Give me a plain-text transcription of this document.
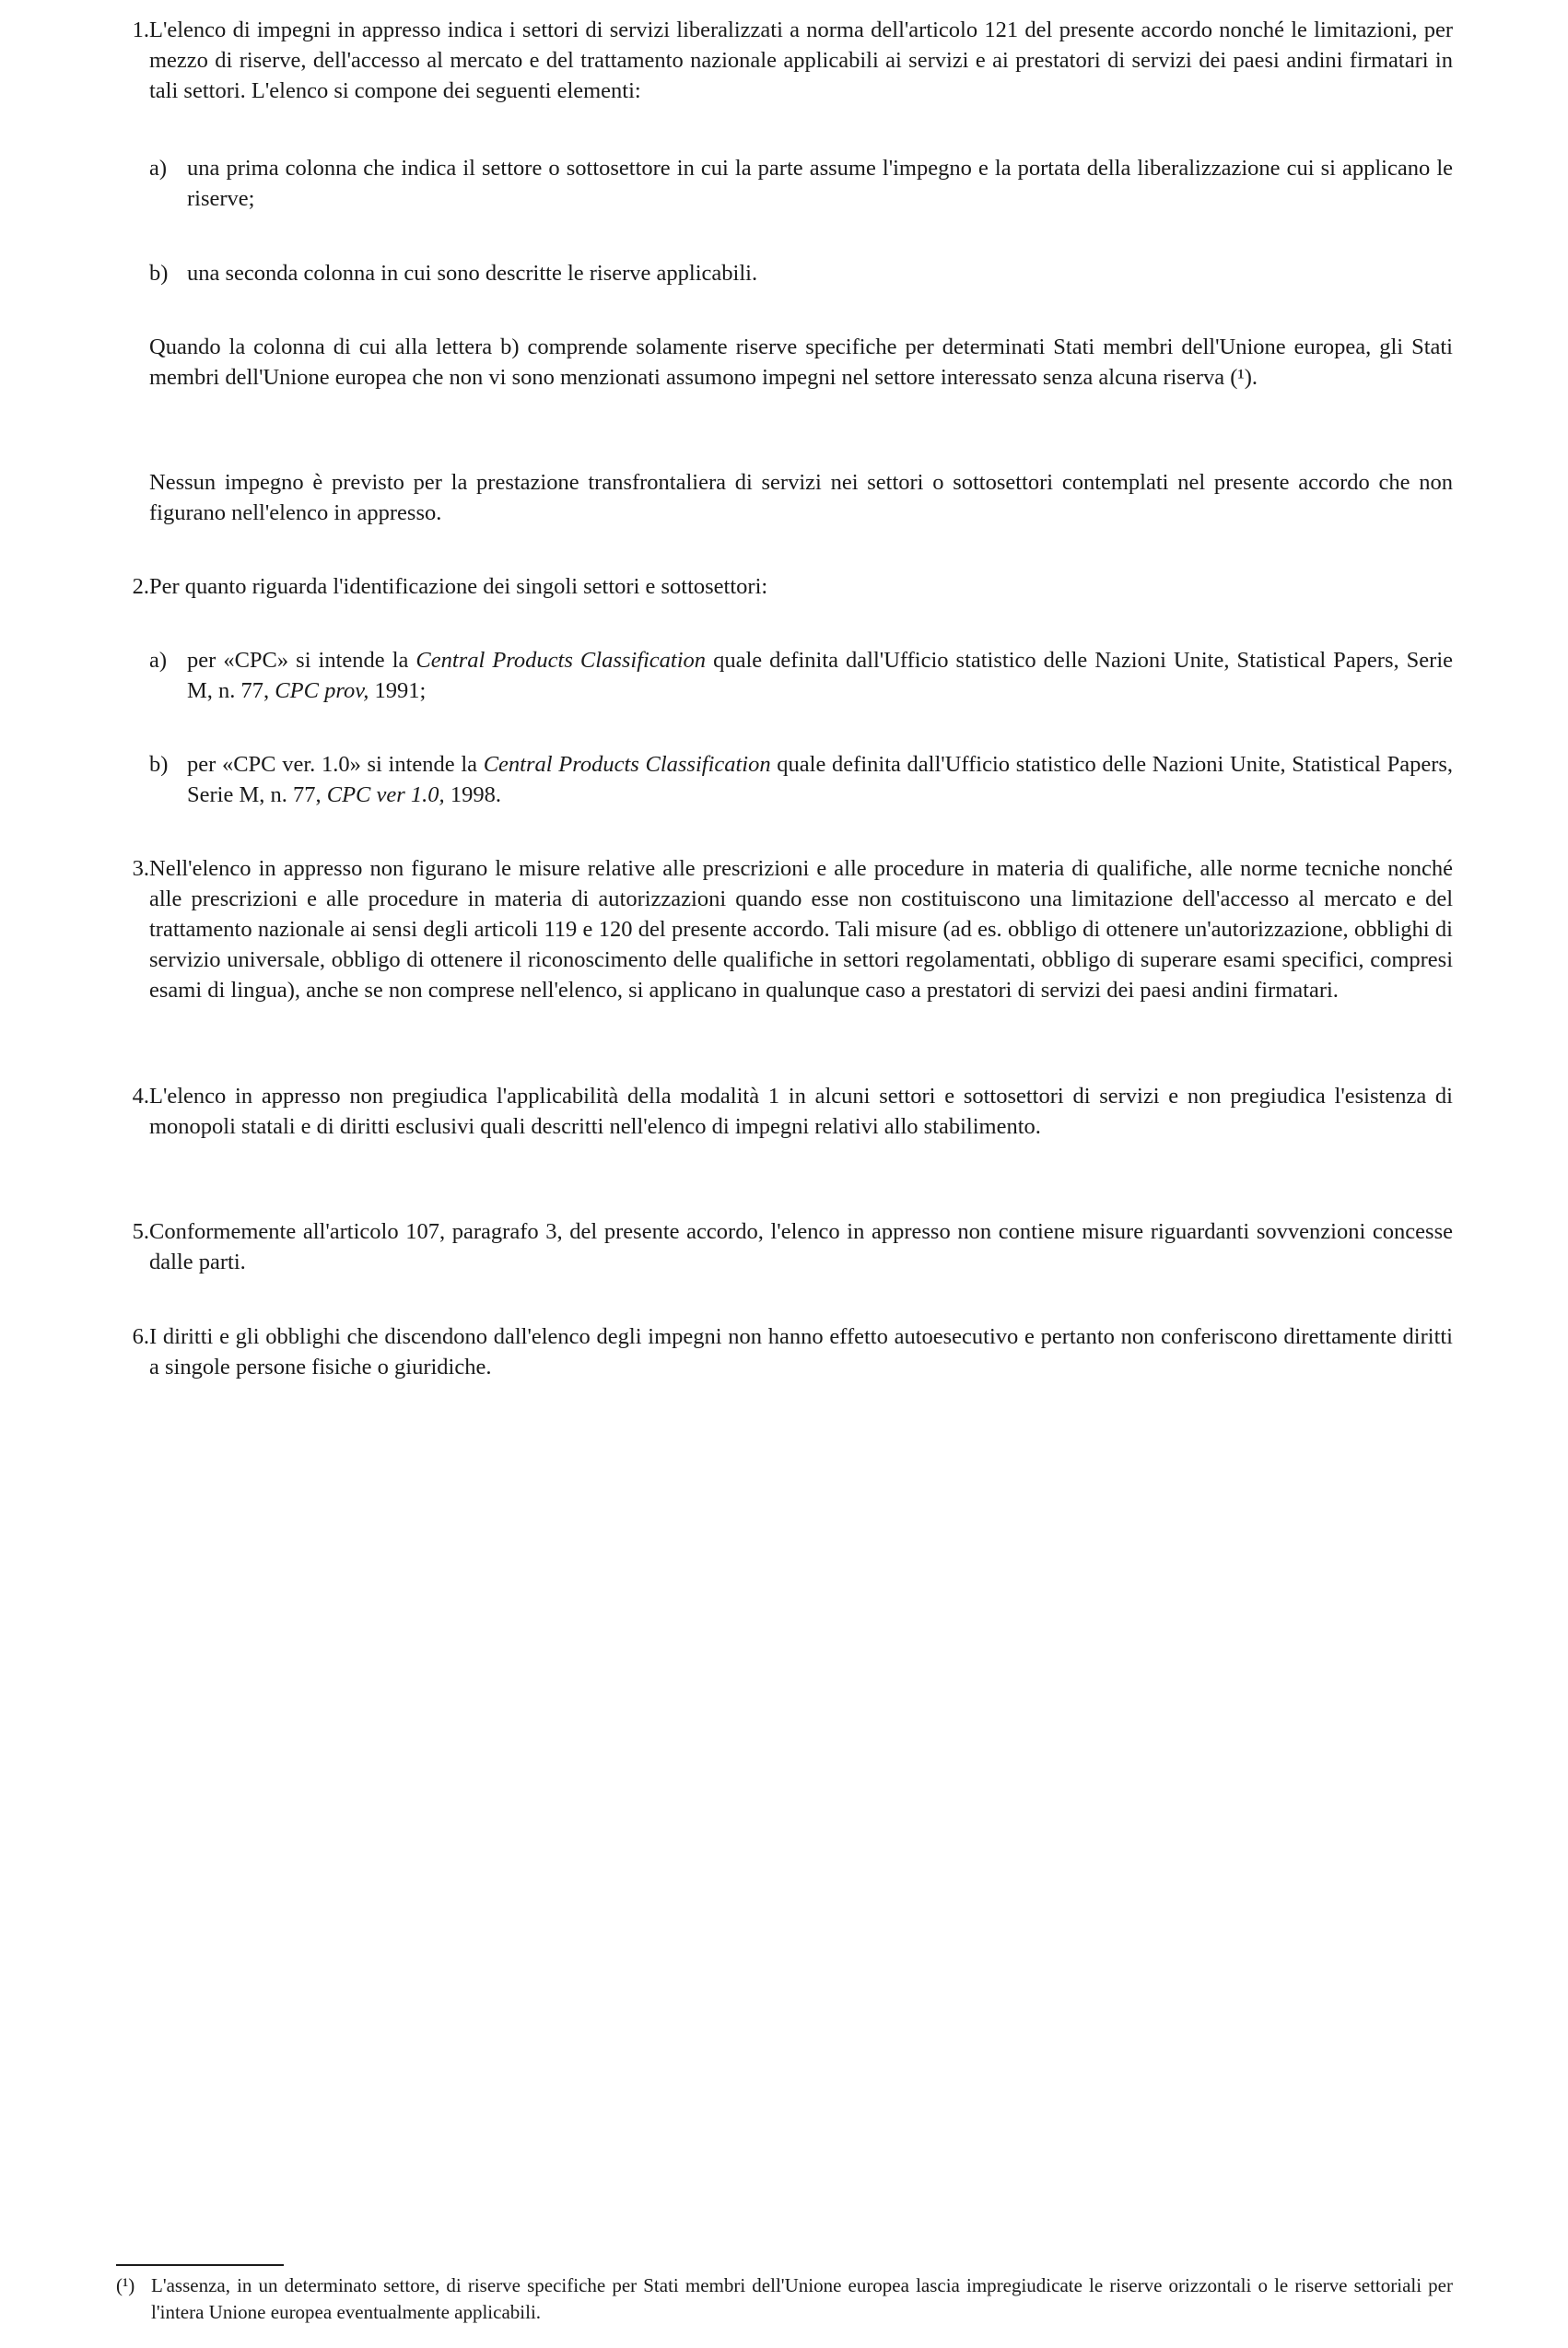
1. L'elenco di impegni in appresso indica i settori di servizi liberalizzati a norma dell'articolo 121 del presente accordo nonché le limitazioni, per mezzo di riserve, dell'accesso al mercato e del trattamento nazionale applicabili ai servizi e ai prestatori di servizi dei paesi andini firmatari in tali settori. L'elenco si compone dei seguenti elementi:
a) una prima colonna che indica il settore o sottosettore in cui la parte assume l'impegno e la portata della liberalizzazione cui si applicano le riserve;
b) una seconda colonna in cui sono descritte le riserve applicabili.
Quando la colonna di cui alla lettera b) comprende solamente riserve specifiche per determinati Stati membri dell'Unione europea, gli Stati membri dell'Unione europea che non vi sono menzionati assumono impegni nel settore interessato senza alcuna riserva (¹).
Nessun impegno è previsto per la prestazione transfrontaliera di servizi nei settori o sottosettori contemplati nel presente accordo che non figurano nell'elenco in appresso.
2. Per quanto riguarda l'identificazione dei singoli settori e sottosettori:
a) per «CPC» si intende la Central Products Classification quale definita dall'Ufficio statistico delle Nazioni Unite, Statistical Papers, Serie M, n. 77, CPC prov, 1991;
b) per «CPC ver. 1.0» si intende la Central Products Classification quale definita dall'Ufficio statistico delle Nazioni Unite, Statistical Papers, Serie M, n. 77, CPC ver 1.0, 1998.
3. Nell'elenco in appresso non figurano le misure relative alle prescrizioni e alle procedure in materia di qualifiche, alle norme tecniche nonché alle prescrizioni e alle procedure in materia di autorizzazioni quando esse non costituiscono una limitazione dell'accesso al mercato e del trattamento nazionale ai sensi degli articoli 119 e 120 del presente accordo. Tali misure (ad es. obbligo di ottenere un'autorizzazione, obblighi di servizio universale, obbligo di ottenere il riconoscimento delle qualifiche in settori regolamentati, obbligo di superare esami specifici, compresi esami di lingua), anche se non comprese nell'elenco, si applicano in qualunque caso a prestatori di servizi dei paesi andini firmatari.
4. L'elenco in appresso non pregiudica l'applicabilità della modalità 1 in alcuni settori e sottosettori di servizi e non pregiudica l'esistenza di monopoli statali e di diritti esclusivi quali descritti nell'elenco di impegni relativi allo stabilimento.
5. Conformemente all'articolo 107, paragrafo 3, del presente accordo, l'elenco in appresso non contiene misure riguardanti sovvenzioni concesse dalle parti.
6. I diritti e gli obblighi che discendono dall'elenco degli impegni non hanno effetto autoesecutivo e pertanto non conferiscono direttamente diritti a singole persone fisiche o giuridiche.
(¹) L'assenza, in un determinato settore, di riserve specifiche per Stati membri dell'Unione europea lascia impregiudicate le riserve orizzontali o le riserve settoriali per l'intera Unione europea eventualmente applicabili.
